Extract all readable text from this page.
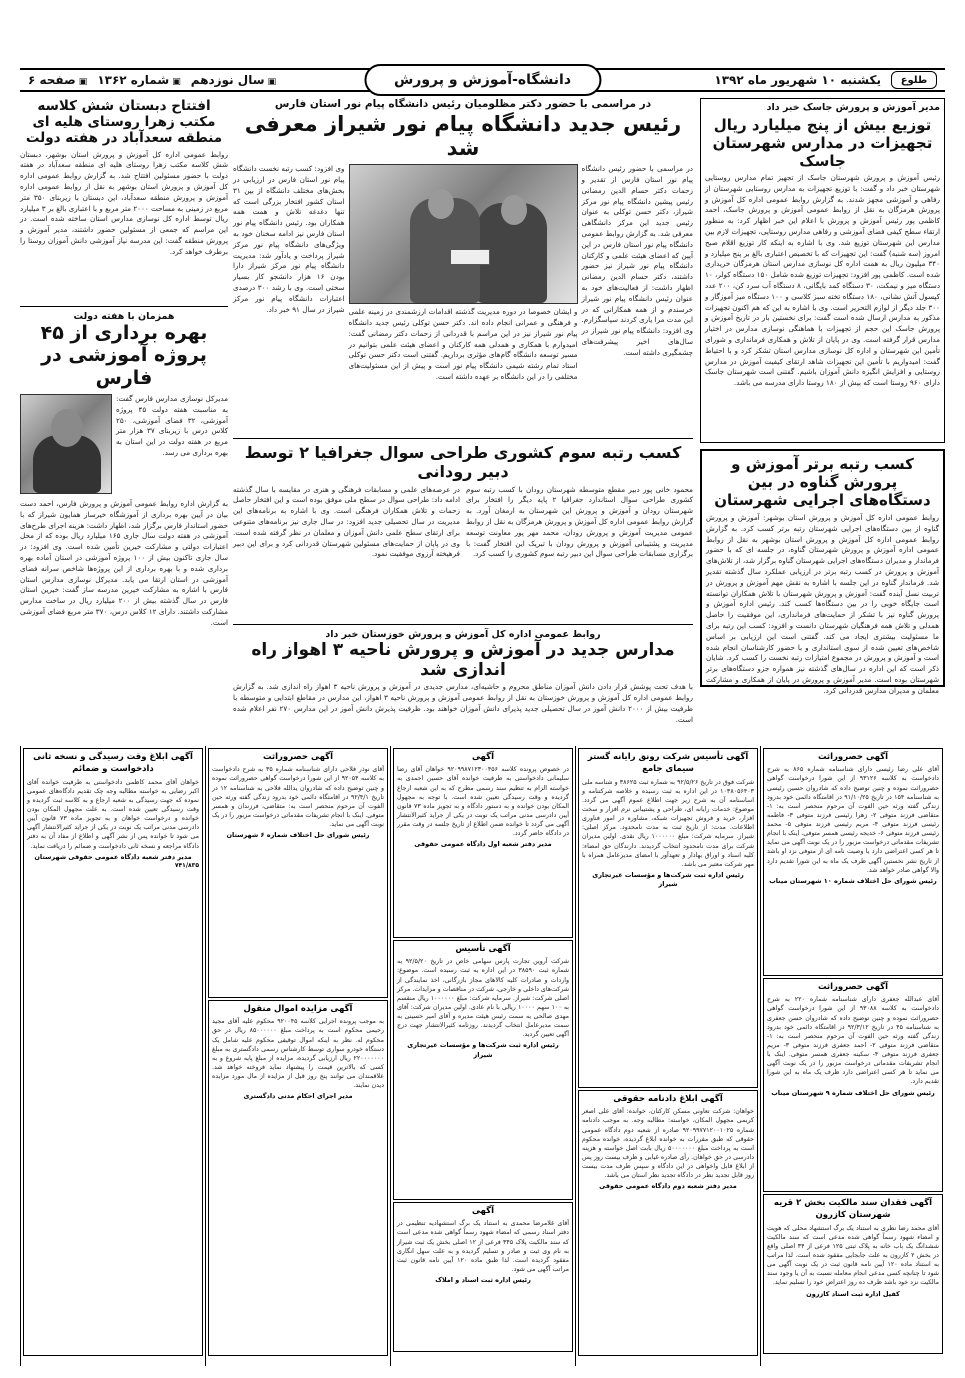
طلوع
یکشنبه ۱۰ شهریور ماه ۱۳۹۲
دانشگاه-آموزش و پرورش
▣ سال نوزدهم
▣ شماره ۱۳۶۲
▣ صفحه ۶
مدیر آموزش و پرورش جاسک خبر داد
توزیع بیش از پنج میلیارد ریال تجهیزات در مدارس شهرستان جاسک
رئیس آموزش و پرورش شهرستان جاسک از تجهیز تمام مدارس روستایی شهرستان خبر داد و گفت: با توزیع تجهیزات به مدارس روستایی شهرستان از رفاهی و آموزشی مجهز شدند. به گزارش روابط عمومی اداره کل آموزش و پرورش هرمزگان به نقل از روابط عمومی آموزش و پرورش جاسک، احمد کاظمی پور رئیس آموزش و پرورش با اعلام این خبر اظهار کرد: به منظور ارتقاء سطح کیفی فضای آموزشی و رفاهی مدارس روستایی، تجهیزات لازم بین مدارس این شهرستان توزیع شد. وی با اشاره به اینکه کار توزیع اقلام صبح امروز (سه شنبه) گفت: این تجهیزات که با تخصیص اعتباری بالغ بر پنج میلیارد و ۳۴۰ میلیون ریال به همت اداره کل نوسازی مدارس استان هرمزگان خریداری شده است. کاظمی پور افزود: تجهیزات توزیع شده شامل ۱۵۰ دستگاه کولر، ۱۰ دستگاه میز و نیمکت، ۳۰ دستگاه کمد بایگانی، ۸ دستگاه آب سرد کن، ۲۰۰ عدد کپسول آتش نشانی، ۱۸۰ دستگاه تخته سبز کلاسی و ۱۰۰ دستگاه میز آموزگار و ۳۰۰ جلد دیگر از لوازم التحریر است. وی با اشاره به این که هم اکنون تجهیزات مذکور به مدارس ارسال شده است گفت: برای نخستین بار در تاریخ آموزش و پرورش جاسک این حجم از تجهیزات با هماهنگی نوسازی مدارس در اختیار مدارس قرار گرفته است. وی در پایان از تلاش و همکاری فرمانداری و شورای تأمین این شهرستان و اداره کل نوسازی مدارس استان تشکر کرد و با احتیاط گفت: امیدواریم با تأمین این تجهیزات شاهد ارتقای کیفیت آموزش در مدارس روستایی و افزایش انگیزه دانش آموزان باشیم. گفتنی است شهرستان جاسک دارای ۹۶۰ روستا است که بیش از ۱۸۰ روستا دارای مدرسه می باشد.
کسب رتبه برتر آموزش و پرورش گناوه در بین دستگاه‌های اجرایی شهرستان
روابط عمومی اداره کل آموزش و پرورش استان بوشهر: آموزش و پرورش گناوه از بین دستگاه‌های اجرایی شهرستان رتبه برتر کسب کرد. به گزارش روابط عمومی اداره کل آموزش و پرورش استان بوشهر به نقل از روابط عمومی اداره آموزش و پرورش شهرستان گناوه، در جلسه ای که با حضور فرماندار و مدیران دستگاه‌های اجرایی شهرستان گناوه برگزار شد، از تلاش‌های آموزش و پرورش در کسب رتبه برتر در ارزیابی عملکرد سال گذشته تقدیر شد. فرماندار گناوه در این جلسه با اشاره به نقش مهم آموزش و پرورش در تربیت نسل آینده گفت: آموزش و پرورش شهرستان با تلاش همکاران توانسته است جایگاه خوبی را در بین دستگاه‌ها کسب کند. رئیس اداره آموزش و پرورش گناوه نیز با تشکر از حمایت‌های فرمانداری، این موفقیت را حاصل همدلی و تلاش همه فرهنگیان شهرستان دانست و افزود: کسب این رتبه برای ما مسئولیت بیشتری ایجاد می کند. گفتنی است این ارزیابی بر اساس شاخص‌های تعیین شده از سوی استانداری و با حضور کارشناسان انجام شده است و آموزش و پرورش در مجموع امتیازات رتبه نخست را کسب کرد. شایان ذکر است که این اداره در سال‌های گذشته نیز همواره جزو دستگاه‌های برتر شهرستان بوده است. مدیر آموزش و پرورش در پایان از همکاری و مشارکت معلمان و مدیران مدارس قدردانی کرد.
در مراسمی با حضور دکتر مظلومیان رئیس دانشگاه پیام نور استان فارس
رئیس جدید دانشگاه پیام نور شیراز معرفی شد
در مراسمی با حضور رئیس دانشگاه پیام نور استان فارس از تقدیر و زحمات دکتر حسام الدین رمضانی رئیس پیشین دانشگاه پیام نور مرکز شیراز، دکتر حسن توکلی به عنوان رئیس جدید این مرکز دانشگاهی معرفی شد. به گزارش روابط عمومی دانشگاه پیام نور استان فارس در این آیین که اعضای هیئت علمی و کارکنان دانشگاه پیام نور شیراز نیز حضور داشتند، دکتر حسام الدین رمضانی اظهار داشت: از فعالیت‌های خود به عنوان رئیس دانشگاه پیام نور شیراز خرسندم و از همه همکارانی که در این مدت مرا یاری کردند سپاسگزارم. وی افزود: دانشگاه پیام نور شیراز در سال‌های اخیر پیشرفت‌های چشمگیری داشته است.
و ایشان خصوصا در دوره مدیریت گذشته اقدامات ارزشمندی در زمینه علمی و فرهنگی و عمرانی انجام داده اند. دکتر حسن توکلی رئیس جدید دانشگاه پیام نور شیراز نیز در این مراسم با قدردانی از زحمات دکتر رمضانی گفت: امیدوارم با همکاری و همدلی همه کارکنان و اعضای هیئت علمی بتوانیم در مسیر توسعه دانشگاه گام‌های مؤثری برداریم. گفتنی است دکتر حسن توکلی استاد تمام رشته شیمی دانشگاه پیام نور است و پیش از این مسئولیت‌های مختلفی را در این دانشگاه بر عهده داشته است.
وی افزود: کسب رتبه نخست دانشگاه پیام نور استان فارس در ارزیابی در بخش‌های مختلف دانشگاه از بین ۳۱ استان کشور افتخار بزرگی است که تنها دغدغه تلاش و همت همه همکاران بود. رئیس دانشگاه پیام نور استان فارس نیز ادامه سخنان خود به ویژگی‌های دانشگاه پیام نور مرکز شیراز پرداخت و یادآور شد: مدیریت دانشگاه پیام نور مرکز شیراز دارا بودن ۱۶ هزار دانشجو کار بسیار سختی است. وی با رشد ۳۰۰ درصدی اعتبارات دانشگاه پیام نور مرکز شیراز در سال ۹۱ خبر داد.
کسب رتبه سوم کشوری طراحی سوال جغرافیا ۲ توسط دبیر رودانی
محمود خانی پور دبیر مقطع متوسطه شهرستان رودان با کسب رتبه سوم کشوری طراحی سوال استاندارد جغرافیا ۲ پایه دیگر را افتخار برای شهرستان رودان و آموزش و پرورش این شهرستان به ارمغان آورد. به گزارش روابط عمومی اداره کل آموزش و پرورش هرمزگان به نقل از روابط عمومی مدیریت آموزش و پرورش رودان، محمد مهر پور معاونت توسعه مدیریت و پشتیبانی آموزش و پرورش رودان با تبریک این افتخار گفت: با برگزاری مسابقات طراحی سوال این دبیر رتبه سوم کشوری را کسب کرد.
در عرصه‌های علمی و مسابقات فرهنگی و هنری در مقایسه با سال گذشته ادامه داد: طراحی سوال در سطح ملی موفق بوده است و این افتخار حاصل زحمات و تلاش همکاران فرهنگی است. وی با اشاره به برنامه‌های این مدیریت در سال تحصیلی جدید افزود: در سال جاری نیز برنامه‌های متنوعی برای ارتقای سطح علمی دانش آموزان و معلمان در نظر گرفته شده است. وی در پایان از حمایت‌های مسئولین شهرستان قدردانی کرد و برای این دبیر فرهیخته آرزوی موفقیت نمود.
روابط عمومی اداره کل آموزش و پرورش خوزستان خبر داد
مدارس جدید در آموزش و پرورش ناحیه ۳ اهواز راه اندازی شد
با هدف تحت پوشش قرار دادن دانش آموزان مناطق محروم و حاشیه‌ای، مدارس جدیدی در آموزش و پرورش ناحیه ۳ اهواز راه اندازی شد. به گزارش روابط عمومی اداره کل آموزش و پرورش خوزستان به نقل از روابط عمومی آموزش و پرورش ناحیه ۳ اهواز، این مدارس در مقاطع ابتدایی و متوسطه با ظرفیت بیش از ۲۰۰۰ دانش آموز در سال تحصیلی جدید پذیرای دانش آموزان خواهند بود. ظرفیت پذیرش دانش آموز در این مدارس ۲۷۰ نفر اعلام شده است.
افتتاح دبستان شش کلاسه مکتب زهرا روستای هلیه ای منطقه سعدآباد در هفته دولت
روابط عمومی اداره کل آموزش و پرورش استان بوشهر، دبستان شش کلاسه مکتب زهرا روستای هلیه ای منطقه سعدآباد در هفته دولت با حضور مسئولین افتتاح شد. به گزارش روابط عمومی اداره کل آموزش و پرورش استان بوشهر به نقل از روابط عمومی اداره آموزش و پرورش منطقه سعدآباد، این دبستان با زیربنای ۳۵۰ متر مربع در زمینی به مساحت ۲۰۰۰ متر مربع و با اعتباری بالغ بر ۳ میلیارد ریال توسط اداره کل نوسازی مدارس استان ساخته شده است. در این مراسم که جمعی از مسئولین حضور داشتند، مدیر آموزش و پرورش منطقه گفت: این مدرسه نیاز آموزشی دانش آموزان روستا را برطرف خواهد کرد.
همزمان با هفته دولت
بهره برداری از ۴۵ پروژه آموزشی در فارس
مدیرکل نوسازی مدارس فارس گفت: به مناسبت هفته دولت ۴۵ پروژه آموزشی، ۳۲ فضای آموزشی، ۲۵۰ کلاس درس با زیربنای ۳۷ هزار متر مربع در هفته دولت در این استان به بهره برداری می رسد.
به گزارش اداره روابط عمومی آموزش و پرورش فارس، احمد دست بیان در آیین بهره برداری از آموزشگاه خیرساز همایون شیراز که با حضور استاندار فارس برگزار شد، اظهار داشت: هزینه اجرای طرح‌های آموزشی در هفته دولت سال جاری ۱۶۵ میلیارد ریال بوده که از محل اعتبارات دولتی و مشارکت خیرین تأمین شده است. وی افزود: در سال جاری تاکنون بیش از ۱۰۰ پروژه آموزشی در استان آماده بهره برداری شده و با بهره برداری از این پروژه‌ها شاخص سرانه فضای آموزشی در استان ارتقا می یابد. مدیرکل نوسازی مدارس استان فارس با اشاره به مشارکت خیرین مدرسه ساز گفت: خیرین استان فارس در سال گذشته بیش از ۲۰۰ میلیارد ریال در ساخت مدارس مشارکت داشتند. دارای ۱۲ کلاس درس، ۳۷۰ متر مربع فضای آموزشی است.
آگهی حصروراثت
آقای علی رضا رئیسی دارای شناسنامه شماره ۸۶۵ به شرح دادخواست به کلاسه ۹۳۱۲۶ از این شورا درخواست گواهی حصروراثت نموده و چنین توضیح داده که شادروان حسین رئیسی به شناسنامه ۱۵۴ در تاریخ ۹۱/۱۰/۲۵ در اقامتگاه دائمی خود بدرود زندگی گفته ورثه حین الفوت آن مرحوم منحصر است به: ۱- متقاضی فرزند متوفی ۲- زهرا رئیسی فرزند متوفی ۳- فاطمه رئیسی فرزند متوفی ۴- مریم رئیسی فرزند متوفی ۵- محمد رئیسی فرزند متوفی ۶- خدیجه رئیسی همسر متوفی. اینک با انجام تشریفات مقدماتی درخواست مزبور را در یک نوبت آگهی می نماید تا هر کسی اعتراضی دارد یا وصیت نامه ای از متوفی نزد او باشد از تاریخ نشر نخستین آگهی ظرف یک ماه به این شورا تقدیم دارد والا گواهی صادر خواهد شد.
رئیس شورای حل اختلاف شماره ۱۰ شهرستان میناب
آگهی حصروراثت
آقای عبدالله جعفری دارای شناسنامه شماره ۲۲۰ به شرح دادخواست به کلاسه ۹۳۰۸۸ از این شورا درخواست گواهی حصروراثت نموده و چنین توضیح داده که شادروان حسن جعفری به شناسنامه ۴۵ در تاریخ ۹۲/۳/۱۲ در اقامتگاه دائمی خود بدرود زندگی گفته ورثه حین الفوت آن مرحوم منحصر است به: ۱- متقاضی فرزند متوفی ۲- احمد جعفری فرزند متوفی ۳- مریم جعفری فرزند متوفی ۴- سکینه جعفری همسر متوفی. اینک با انجام تشریفات مقدماتی درخواست مزبور را در یک نوبت آگهی می نماید تا هر کسی اعتراضی دارد ظرف یک ماه به این شورا تقدیم دارد.
رئیس شورای حل اختلاف شماره ۹ شهرستان میناب
آگهی فقدان سند مالکیت بخش ۲ قریه شهرستان کازرون
آقای محمد رضا نظری به استناد یک برگ استشهاد محلی که هویت و امضاء شهود رسماً گواهی شده مدعی است که سند مالکیت ششدانگ یک باب خانه به پلاک ثبتی ۱۲۵ فرعی از ۳۴ اصلی واقع در بخش ۲ کازرون به علت جابجایی مفقود شده است. لذا مراتب به استناد ماده ۱۲۰ آیین نامه قانون ثبت در یک نوبت آگهی می شود تا چنانچه کسی مدعی انجام معامله نسبت به آن یا وجود سند مالکیت نزد خود باشد ظرف ده روز اعتراض خود را تسلیم نماید.
کفیل اداره ثبت اسناد کازرون
آگهی تأسیس شرکت رونق رایانه گستر سیمای جامع
شرکت فوق در تاریخ ۹۲/۵/۲۶ به شماره ثبت ۳۸۶۲۵ و شناسه ملی ۱۰۳۸۰۵۶۴۰۳ در این اداره به ثبت رسیده و خلاصه شرکتنامه و اساسنامه آن به شرح زیر جهت اطلاع عموم آگهی می گردد. موضوع: خدمات رایانه ای، طراحی و پشتیبانی نرم افزار و سخت افزار، خرید و فروش تجهیزات شبکه، مشاوره در امور فناوری اطلاعات. مدت: از تاریخ ثبت به مدت نامحدود. مرکز اصلی: شیراز. سرمایه شرکت: مبلغ ۱۰۰۰۰۰۰ ریال نقدی. اولین مدیران شرکت برای مدت نامحدود انتخاب گردیدند. دارندگان حق امضاء: کلیه اسناد و اوراق بهادار و تعهدآور با امضای مدیرعامل همراه با مهر شرکت معتبر می باشد.
رئیس اداره ثبت شرکت‌ها و مؤسسات غیرتجاری شیراز
آگهی ابلاغ دادنامه حقوقی
خواهان: شرکت تعاونی مسکن کارکنان، خوانده: آقای علی اصغر کریمی مجهول المکان، خواسته: مطالبه وجه. به موجب دادنامه شماره ۹۲۰۹۹۷۷۱۲۰۰۱۰۲۵ صادره از شعبه دوم دادگاه عمومی حقوقی که طبق مقررات به خوانده ابلاغ گردیده، خوانده محکوم است به پرداخت مبلغ ۵۰۰۰۰۰۰۰ ریال بابت اصل خواسته و هزینه دادرسی در حق خواهان. رأی صادره غیابی و ظرف بیست روز پس از ابلاغ قابل واخواهی در این دادگاه و سپس ظرف مدت بیست روز قابل تجدید نظر در دادگاه تجدید نظر استان می باشد.
مدیر دفتر شعبه دوم دادگاه عمومی حقوقی
آگهی
در خصوص پرونده کلاسه ۹۲۰۹۹۸۷۱۲۳۰۰۴۵۶ خواهان آقای رضا سلیمانی دادخواستی به طرفیت خوانده آقای حسین احمدی به خواسته الزام به تنظیم سند رسمی مطرح که به این شعبه ارجاع گردیده و وقت رسیدگی تعیین شده است. با توجه به مجهول المکان بودن خوانده و به دستور دادگاه و به تجویز ماده ۷۳ قانون آیین دادرسی مدنی مراتب یک نوبت در یکی از جراید کثیرالانتشار آگهی می گردد تا خوانده ضمن اطلاع از تاریخ جلسه در وقت مقرر در دادگاه حاضر گردد.
مدیر دفتر شعبه اول دادگاه عمومی حقوقی
آگهی تأسیس
شرکت آروین تجارت پارس سهامی خاص در تاریخ ۹۲/۵/۲۰ به شماره ثبت ۳۸۵۹۰ در این اداره به ثبت رسیده است. موضوع: واردات و صادرات کلیه کالاهای مجاز بازرگانی، اخذ نمایندگی از شرکت‌های داخلی و خارجی، شرکت در مناقصات و مزایدات. مرکز اصلی شرکت: شیراز. سرمایه شرکت: مبلغ ۱۰۰۰۰۰۰ ریال منقسم به ۱۰۰ سهم ۱۰۰۰۰ ریالی با نام عادی. اولین مدیران شرکت: آقای مهدی صالحی به سمت رئیس هیئت مدیره و آقای امیر حسینی به سمت مدیرعامل انتخاب گردیدند. روزنامه کثیرالانتشار جهت درج آگهی تعیین گردید.
رئیس اداره ثبت شرکت‌ها و مؤسسات غیرتجاری شیراز
آگهی
آقای غلامرضا محمدی به استناد یک برگ استشهادیه تنظیمی در دفتر اسناد رسمی که امضاء شهود رسماً گواهی شده مدعی است که سند مالکیت پلاک ۳۴۵ فرعی از ۱۲ اصلی بخش یک ثبت شیراز به نام وی ثبت و صادر و تسلیم گردیده و به علت سهل انگاری مفقود گردیده است. لذا طبق ماده ۱۲۰ آیین نامه قانون ثبت مراتب آگهی می شود.
رئیس اداره ثبت اسناد و املاک
آگهی حصروراثت
آقای نوذر فلاحی دارای شناسنامه شماره ۳۵ به شرح دادخواست به کلاسه ۹۲۰۵۴ از این شورا درخواست گواهی حصروراثت نموده و چنین توضیح داده که شادروان یدالله فلاحی به شناسنامه ۱۲ در تاریخ ۹۲/۴/۱ در اقامتگاه دائمی خود بدرود زندگی گفته ورثه حین الفوت آن مرحوم منحصر است به: متقاضی، فرزندان و همسر متوفی. اینک با انجام تشریفات مقدماتی درخواست مزبور را در یک نوبت آگهی می نماید.
رئیس شورای حل اختلاف شماره ۶ شهرستان
آگهی مزایده اموال منقول
به موجب پرونده اجرایی کلاسه ۹۲۰۰۴۵ محکوم علیه آقای مجید رحیمی محکوم است به پرداخت مبلغ ۸۵۰۰۰۰۰۰ ریال در حق محکوم له. نظر به اینکه اموال توقیفی محکوم علیه شامل یک دستگاه خودرو سواری توسط کارشناس رسمی دادگستری به مبلغ ۲۲۰۰۰۰۰۰۰ ریال ارزیابی گردیده، مزایده از مبلغ پایه شروع و به کسی که بالاترین قیمت را پیشنهاد نماید فروخته خواهد شد. علاقمندان می توانند پنج روز قبل از مزایده از مال مورد مزایده دیدن نمایند.
مدیر اجرای احکام مدنی دادگستری
آگهی ابلاغ وقت رسیدگی و نسخه ثانی دادخواست و ضمائم
خواهان آقای محمد کاظمی دادخواستی به طرفیت خوانده آقای اکبر رضایی به خواسته مطالبه وجه چک تقدیم دادگاه‌های عمومی نموده که جهت رسیدگی به شعبه ارجاع و به کلاسه ثبت گردیده و وقت رسیدگی تعیین شده است. به علت مجهول المکان بودن خوانده و درخواست خواهان و به تجویز ماده ۷۳ قانون آیین دادرسی مدنی مراتب یک نوبت در یکی از جراید کثیرالانتشار آگهی می شود تا خوانده پس از نشر آگهی و اطلاع از مفاد آن به دفتر دادگاه مراجعه و نسخه ثانی دادخواست و ضمائم را دریافت نماید.
مدیر دفتر شعبه دادگاه عمومی حقوقی شهرستان
۷۴۱/۸۳۵
